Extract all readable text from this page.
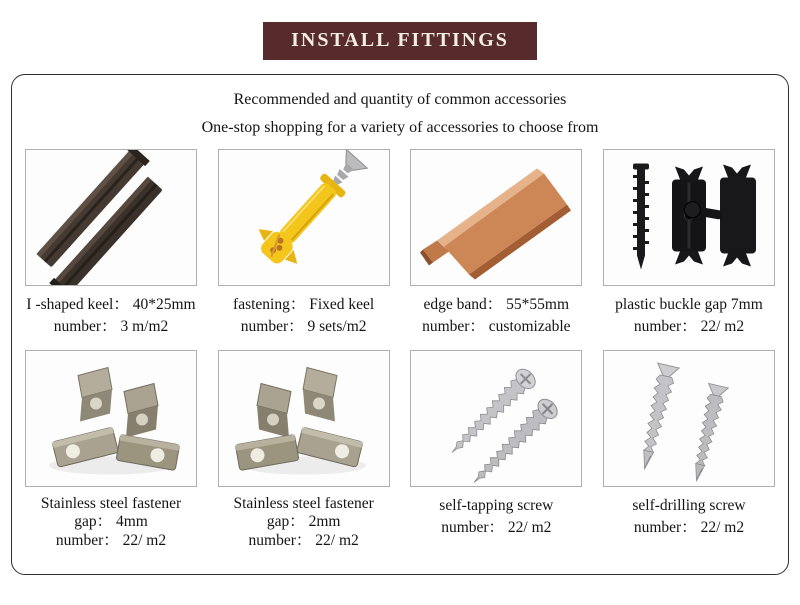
INSTALL FITTINGS

Recommended and quantity of common accessories

One-stop shopping for a variety of accessories to choose from

I -shaped keel： 40*25mm
number： 3 m/m2
fastening： Fixed keel
number： 9 sets/m2
edge band： 55*55mm
number： customizable
plastic buckle gap 7mm
number： 22/ m2
Stainless steel fastener
gap： 4mm
number： 22/ m2
Stainless steel fastener
gap： 2mm
number： 22/ m2
self-tapping screw
number： 22/ m2
self-drilling screw
number： 22/ m2
